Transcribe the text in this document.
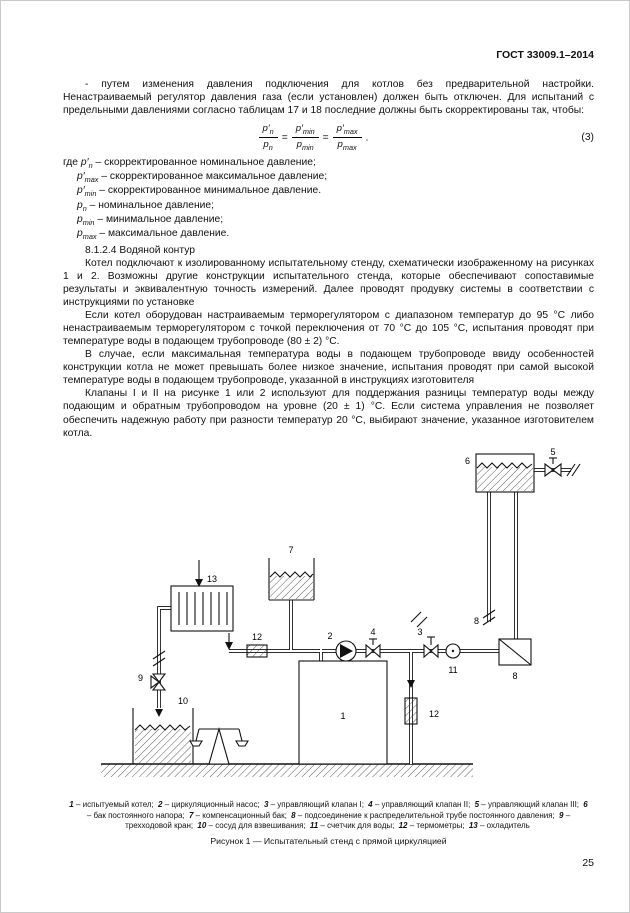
ГОСТ 33009.1–2014

- путем изменения давления подключения для котлов без предварительной настройки. Ненастраиваемый регулятор давления газа (если установлен) должен быть отключен. Для испытаний с предельными давлениями согласно таблицам 17 и 18 последние должны быть скорректированы так, чтобы:

$\frac{p'_n}{p_n} = \frac{p'_{min}}{p_{min}} = \frac{p'_{max}}{p_{max}}$ .	(3)
где $p'_n$ – скорректированное номинальное давление;
$p'_{max}$ – скорректированное максимальное давление;
$p'_{min}$ – скорректированное минимальное давление.
$p_n$ – номинальное давление;
$p_{min}$ – минимальное давление;
$p_{max}$ – максимальное давление.

8.1.2.4 Водяной контур

Котел подключают к изолированному испытательному стенду, схематически изображенному на рисунках 1 и 2. Возможны другие конструкции испытательного стенда, которые обеспечивают сопоставимые результаты и эквивалентную точность измерений. Далее проводят продувку системы в соответствии с инструкциями по установке

Если котел оборудован настраиваемым терморегулятором с диапазоном температур до 95 °С либо ненастраиваемым терморегулятором с точкой переключения от 70 °С до 105 °С, испытания проводят при температуре воды в подающем трубопроводе (80 ± 2) °С.

В случае, если максимальная температура воды в подающем трубопроводе ввиду особенностей конструкции котла не может превышать более низкое значение, испытания проводят при самой высокой температуре воды в подающем трубопроводе, указанной в инструкциях изготовителя

Клапаны I и II на рисунке 1 или 2 используют для поддержания разницы температур воды между подающим и обратным трубопроводом на уровне (20 ± 1) °С. Если система управления не позволяет обеспечить надежную работу при разности температур 20 °С, выбирают значение, указанное изготовителем котла.

1
2	3
4
5
6
7
8
8
9
10
11
12
12
13
1 – испытуемый котел; 2 – циркуляционный насос; 3 – управляющий клапан I; 4 – управляющий клапан II; 5 – управляющий клапан III; 6 – бак постоянного напора; 7 – компенсационный бак; 8 – подсоединение к распределительной трубе постоянного давления; 9 – трехходовой кран; 10 – сосуд для взвешивания; 11 – счетчик для воды; 12 – термометры; 13 – охладитель
Рисунок 1 — Испытательный стенд с прямой циркуляцией
25
